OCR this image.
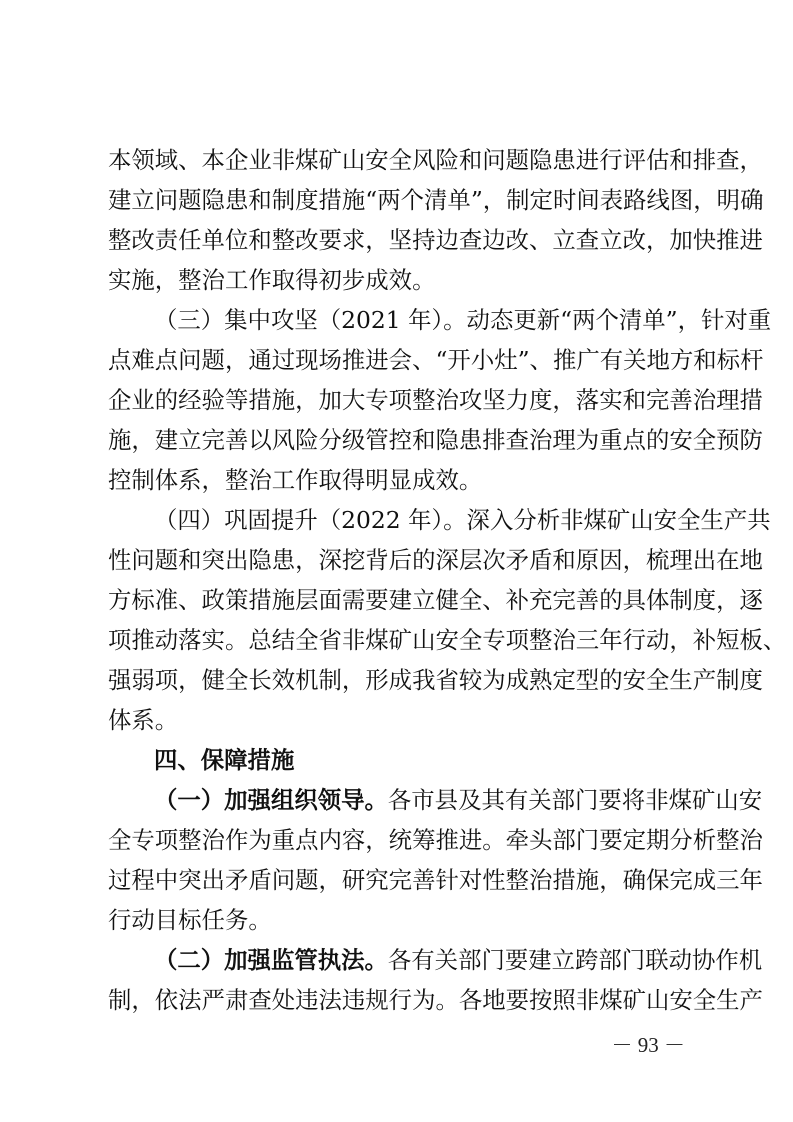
本领域、本企业非煤矿山安全风险和问题隐患进行评估和排查，
建立问题隐患和制度措施“两个清单”，制定时间表路线图，明确
整改责任单位和整改要求，坚持边查边改、立查立改，加快推进
实施，整治工作取得初步成效。
（三）集中攻坚（2021 年）。动态更新“两个清单”，针对重
点难点问题，通过现场推进会、“开小灶”、推广有关地方和标杆
企业的经验等措施，加大专项整治攻坚力度，落实和完善治理措
施，建立完善以风险分级管控和隐患排查治理为重点的安全预防
控制体系，整治工作取得明显成效。
（四）巩固提升（2022 年）。深入分析非煤矿山安全生产共
性问题和突出隐患，深挖背后的深层次矛盾和原因，梳理出在地
方标准、政策措施层面需要建立健全、补充完善的具体制度，逐
项推动落实。总结全省非煤矿山安全专项整治三年行动，补短板、
强弱项，健全长效机制，形成我省较为成熟定型的安全生产制度
体系。
四、保障措施
（一）加强组织领导。各市县及其有关部门要将非煤矿山安
全专项整治作为重点内容，统筹推进。牵头部门要定期分析整治
过程中突出矛盾问题，研究完善针对性整治措施，确保完成三年
行动目标任务。
（二）加强监管执法。各有关部门要建立跨部门联动协作机
制，依法严肃查处违法违规行为。各地要按照非煤矿山安全生产
－ 93 －
